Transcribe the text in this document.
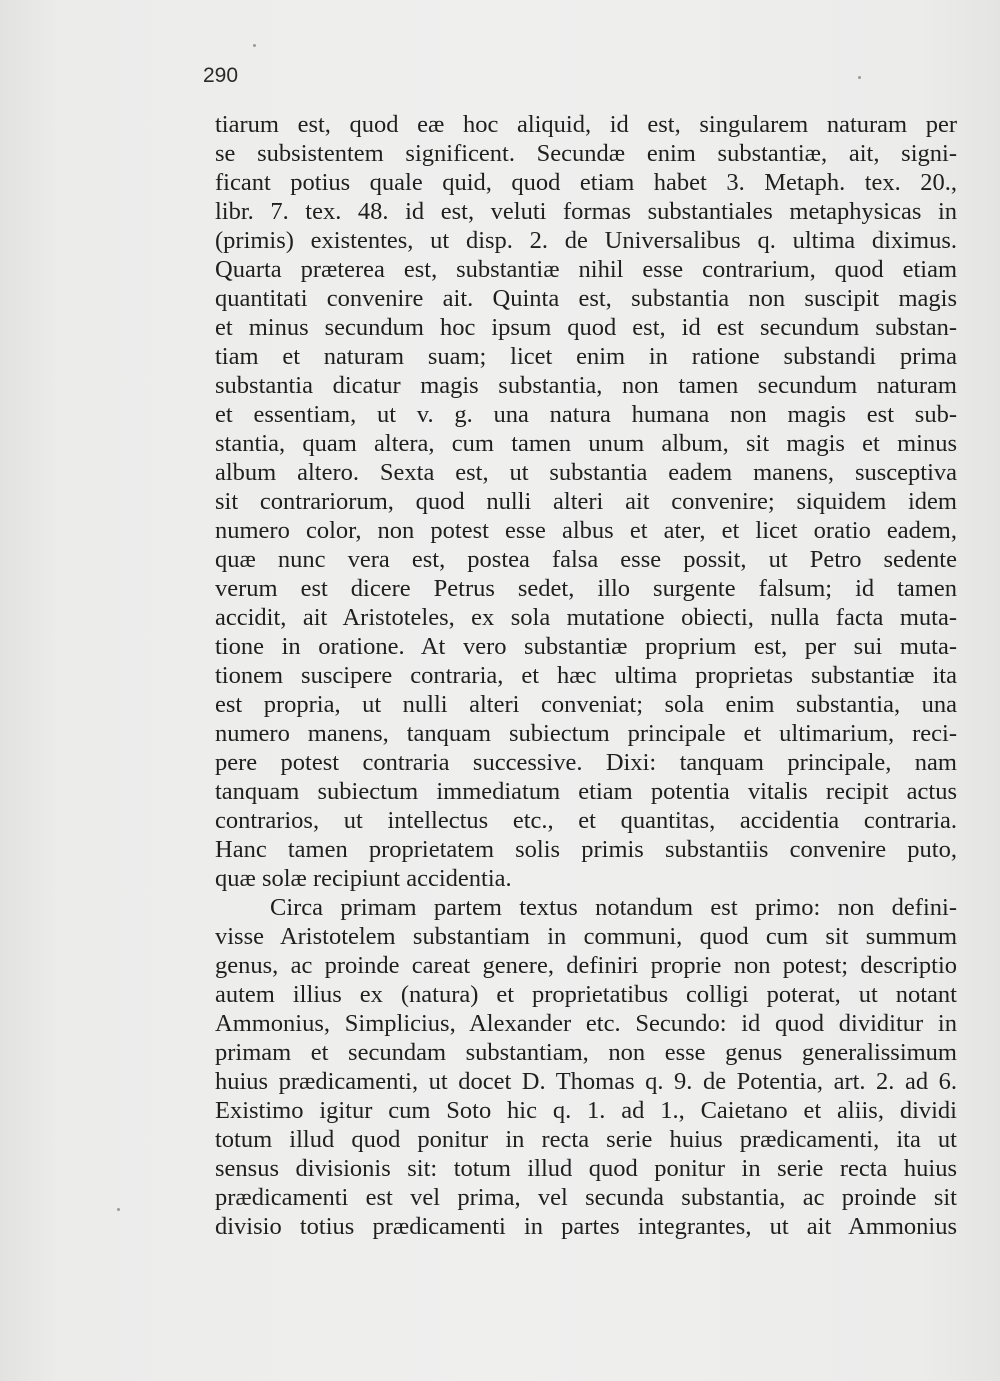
290
tiarum est, quod eæ hoc aliquid, id est, singularem naturam per
se subsistentem significent. Secundæ enim substantiæ, ait, signi-
ficant potius quale quid, quod etiam habet 3. Metaph. tex. 20.,
libr. 7. tex. 48. id est, veluti formas substantiales metaphysicas in
(primis) existentes, ut disp. 2. de Universalibus q. ultima diximus.
Quarta præterea est, substantiæ nihil esse contrarium, quod etiam
quantitati convenire ait. Quinta est, substantia non suscipit magis
et minus secundum hoc ipsum quod est, id est secundum substan-
tiam et naturam suam; licet enim in ratione substandi prima
substantia dicatur magis substantia, non tamen secundum naturam
et essentiam, ut v. g. una natura humana non magis est sub-
stantia, quam altera, cum tamen unum album, sit magis et minus
album altero. Sexta est, ut substantia eadem manens, susceptiva
sit contrariorum, quod nulli alteri ait convenire; siquidem idem
numero color, non potest esse albus et ater, et licet oratio eadem,
quæ nunc vera est, postea falsa esse possit, ut Petro sedente
verum est dicere Petrus sedet, illo surgente falsum; id tamen
accidit, ait Aristoteles, ex sola mutatione obiecti, nulla facta muta-
tione in oratione. At vero substantiæ proprium est, per sui muta-
tionem suscipere contraria, et hæc ultima proprietas substantiæ ita
est propria, ut nulli alteri conveniat; sola enim substantia, una
numero manens, tanquam subiectum principale et ultimarium, reci-
pere potest contraria successive. Dixi: tanquam principale, nam
tanquam subiectum immediatum etiam potentia vitalis recipit actus
contrarios, ut intellectus etc., et quantitas, accidentia contraria.
Hanc tamen proprietatem solis primis substantiis convenire puto,
quæ solæ recipiunt accidentia.
Circa primam partem textus notandum est primo: non defini-
visse Aristotelem substantiam in communi, quod cum sit summum
genus, ac proinde careat genere, definiri proprie non potest; descriptio
autem illius ex (natura) et proprietatibus colligi poterat, ut notant
Ammonius, Simplicius, Alexander etc. Secundo: id quod dividitur in
primam et secundam substantiam, non esse genus generalissimum
huius prædicamenti, ut docet D. Thomas q. 9. de Potentia, art. 2. ad 6.
Existimo igitur cum Soto hic q. 1. ad 1., Caietano et aliis, dividi
totum illud quod ponitur in recta serie huius prædicamenti, ita ut
sensus divisionis sit: totum illud quod ponitur in serie recta huius
prædicamenti est vel prima, vel secunda substantia, ac proinde sit
divisio totius prædicamenti in partes integrantes, ut ait Ammonius
